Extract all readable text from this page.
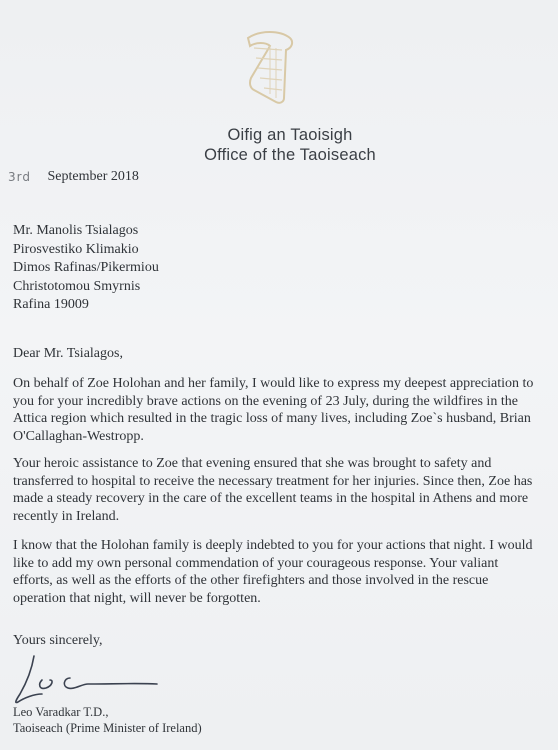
Oifig an Taoisigh
Office of the Taoiseach
3rd September 2018
Mr. Manolis Tsialagos
Pirosvestiko Klimakio
Dimos Rafinas/Pikermiou
Christotomou Smyrnis
Rafina 19009
Dear Mr. Tsialagos,
On behalf of Zoe Holohan and her family, I would like to express my deepest appreciation to
you for your incredibly brave actions on the evening of 23 July, during the wildfires in the
Attica region which resulted in the tragic loss of many lives, including Zoe`s husband, Brian
O'Callaghan-Westropp.
Your heroic assistance to Zoe that evening ensured that she was brought to safety and
transferred to hospital to receive the necessary treatment for her injuries. Since then, Zoe has
made a steady recovery in the care of the excellent teams in the hospital in Athens and more
recently in Ireland.
I know that the Holohan family is deeply indebted to you for your actions that night. I would
like to add my own personal commendation of your courageous response. Your valiant
efforts, as well as the efforts of the other firefighters and those involved in the rescue
operation that night, will never be forgotten.
Yours sincerely,
Leo Varadkar T.D.,
Taoiseach (Prime Minister of Ireland)
